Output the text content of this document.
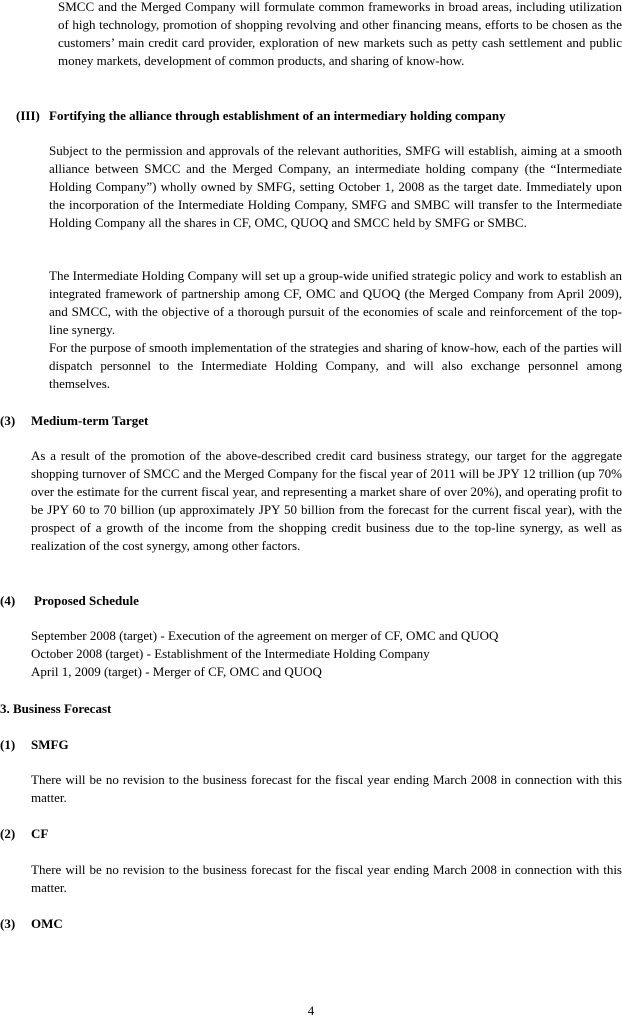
SMCC and the Merged Company will formulate common frameworks in broad areas, including utilization of high technology, promotion of shopping revolving and other financing means, efforts to be chosen as the customers’ main credit card provider, exploration of new markets such as petty cash settlement and public money markets, development of common products, and sharing of know-how.

(III) Fortifying the alliance through establishment of an intermediary holding company

Subject to the permission and approvals of the relevant authorities, SMFG will establish, aiming at a smooth alliance between SMCC and the Merged Company, an intermediate holding company (the “Intermediate Holding Company”) wholly owned by SMFG, setting October 1, 2008 as the target date. Immediately upon the incorporation of the Intermediate Holding Company, SMFG and SMBC will transfer to the Intermediate Holding Company all the shares in CF, OMC, QUOQ and SMCC held by SMFG or SMBC.

The Intermediate Holding Company will set up a group-wide unified strategic policy and work to establish an integrated framework of partnership among CF, OMC and QUOQ (the Merged Company from April 2009), and SMCC, with the objective of a thorough pursuit of the economies of scale and reinforcement of the top-line synergy.

For the purpose of smooth implementation of the strategies and sharing of know-how, each of the parties will dispatch personnel to the Intermediate Holding Company, and will also exchange personnel among themselves.

(3) Medium-term Target

As a result of the promotion of the above-described credit card business strategy, our target for the aggregate shopping turnover of SMCC and the Merged Company for the fiscal year of 2011 will be JPY 12 trillion (up 70% over the estimate for the current fiscal year, and representing a market share of over 20%), and operating profit to be JPY 60 to 70 billion (up approximately JPY 50 billion from the forecast for the current fiscal year), with the prospect of a growth of the income from the shopping credit business due to the top-line synergy, as well as realization of the cost synergy, among other factors.

(4) Proposed Schedule
September 2008 (target) - Execution of the agreement on merger of CF, OMC and QUOQ
October 2008 (target) - Establishment of the Intermediate Holding Company
April 1, 2009 (target) - Merger of CF, OMC and QUOQ
3. Business Forecast
(1) SMFG

There will be no revision to the business forecast for the fiscal year ending March 2008 in connection with this matter.

(2) CF

There will be no revision to the business forecast for the fiscal year ending March 2008 in connection with this matter.

(3) OMC
4
